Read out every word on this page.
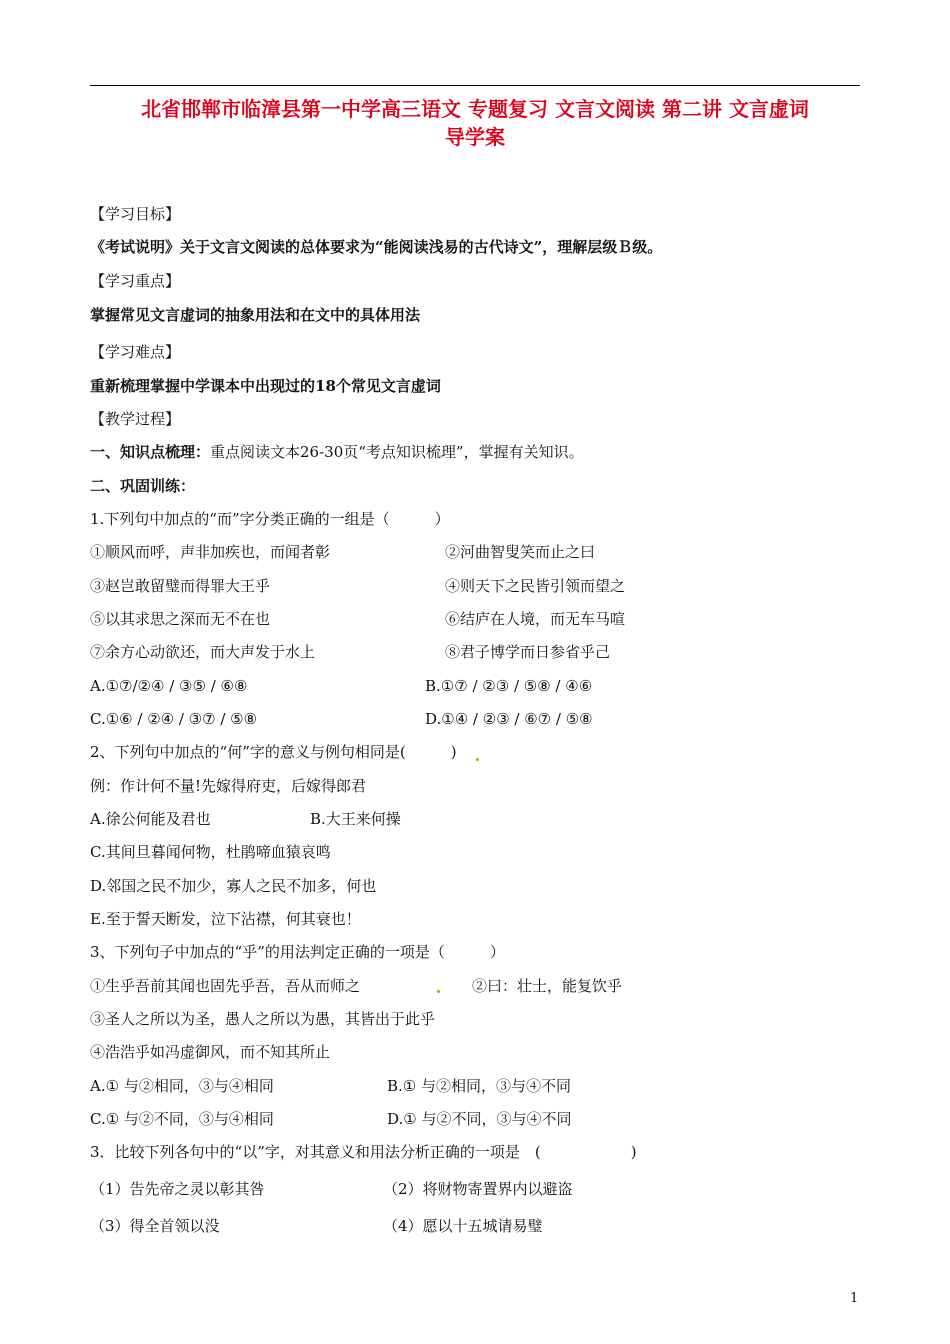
北省邯郸市临漳县第一中学高三语文 专题复习 文言文阅读 第二讲 文言虚词
导学案
【学习目标】
《考试说明》关于文言文阅读的总体要求为“能阅读浅易的古代诗文”，理解层级Ｂ级。
【学习重点】
掌握常见文言虚词的抽象用法和在文中的具体用法
【学习难点】
重新梳理掌握中学课本中出现过的18个常见文言虚词
【教学过程】
一、知识点梳理：重点阅读文本26-30页“考点知识梳理”，掌握有关知识。
二、巩固训练：
1.下列句中加点的“而”字分类正确的一组是（　　　）
①顺风而呼，声非加疾也，而闻者彰	②河曲智叟笑而止之曰
③赵岂敢留璧而得罪大王乎	④则天下之民皆引领而望之
⑤以其求思之深而无不在也	⑥结庐在人境，而无车马喧
⑦余方心动欲还，而大声发于水上	⑧君子博学而日参省乎己
A.①⑦/②④ / ③⑤ / ⑥⑧	B.①⑦ / ②③ / ⑤⑧ / ④⑥
C.①⑥ / ②④ / ③⑦ / ⑤⑧	D.①④ / ②③ / ⑥⑦ / ⑤⑧
2、下列句中加点的“何”字的意义与例句相同是(　　　)
例：作计何不量!先嫁得府吏，后嫁得郎君
A.徐公何能及君也	B.大王来何操
C.其间旦暮闻何物，杜鹃啼血猿哀鸣
D.邻国之民不加少，寡人之民不加多，何也
E.至于誓天断发，泣下沾襟，何其衰也！
3、下列句子中加点的“乎”的用法判定正确的一项是（　　　）
①生乎吾前其闻也固先乎吾，吾从而师之	②曰：壮士，能复饮乎
③圣人之所以为圣，愚人之所以为愚，其皆出于此乎
④浩浩乎如冯虚御风，而不知其所止
A.① 与②相同，③与④相同	B.① 与②相同，③与④不同
C.① 与②不同，③与④相同	D.① 与②不同，③与④不同
3．比较下列各句中的“以”字，对其意义和用法分析正确的一项是　(　　　　　　)
（1）告先帝之灵以彰其咎	（2）将财物寄置界内以避盗
（3）得全首领以没	（4）愿以十五城请易璧
1
